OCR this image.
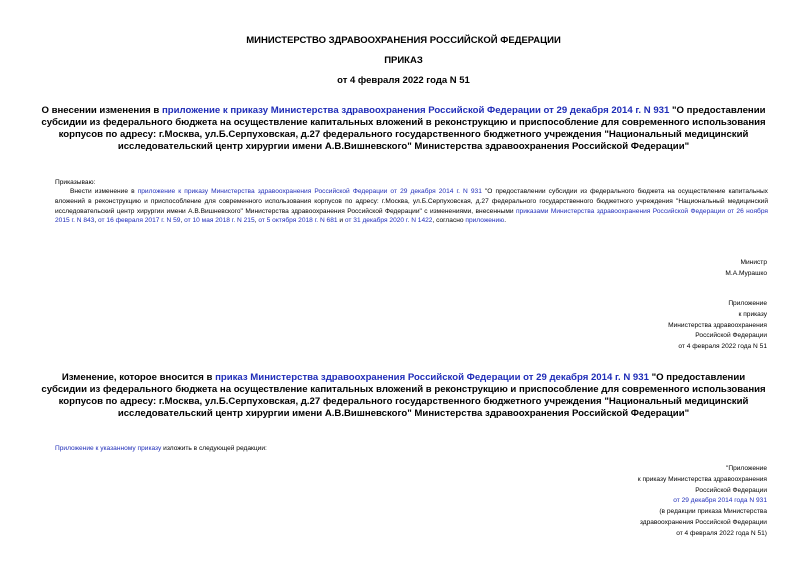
МИНИСТЕРСТВО ЗДРАВООХРАНЕНИЯ РОССИЙСКОЙ ФЕДЕРАЦИИ
ПРИКАЗ
от 4 февраля 2022 года N 51
О внесении изменения в приложение к приказу Министерства здравоохранения Российской Федерации от 29 декабря 2014 г. N 931 "О предоставлении субсидии из федерального бюджета на осуществление капитальных вложений в реконструкцию и приспособление для современного использования корпусов по адресу: г.Москва, ул.Б.Серпуховская, д.27 федерального государственного бюджетного учреждения "Национальный медицинский исследовательский центр хирургии имени А.В.Вишневского" Министерства здравоохранения Российской Федерации"
Приказываю:
Внести изменение в приложение к приказу Министерства здравоохранения Российской Федерации от 29 декабря 2014 г. N 931 "О предоставлении субсидии из федерального бюджета на осуществление капитальных вложений в реконструкцию и приспособление для современного использования корпусов по адресу: г.Москва, ул.Б.Серпуховская, д.27 федерального государственного бюджетного учреждения "Национальный медицинский исследовательский центр хирургии имени А.В.Вишневского" Министерства здравоохранения Российской Федерации" с изменениями, внесенными приказами Министерства здравоохранения Российской Федерации от 26 ноября 2015 г. N 843, от 16 февраля 2017 г. N 59, от 10 мая 2018 г. N 215, от 5 октября 2018 г. N 681 и от 31 декабря 2020 г. N 1422, согласно приложению.
Министр
М.А.Мурашко
Приложение
к приказу
Министерства здравоохранения
Российской Федерации
от 4 февраля 2022 года N 51
Изменение, которое вносится в приказ Министерства здравоохранения Российской Федерации от 29 декабря 2014 г. N 931 "О предоставлении субсидии из федерального бюджета на осуществление капитальных вложений в реконструкцию и приспособление для современного использования корпусов по адресу: г.Москва, ул.Б.Серпуховская, д.27 федерального государственного бюджетного учреждения "Национальный медицинский исследовательский центр хирургии имени А.В.Вишневского" Министерства здравоохранения Российской Федерации"
Приложение к указанному приказу изложить в следующей редакции:
"Приложение
к приказу Министерства здравоохранения
Российской Федерации
от 29 декабря 2014 года N 931
(в редакции приказа Министерства
здравоохранения Российской Федерации
от 4 февраля 2022 года N 51)
